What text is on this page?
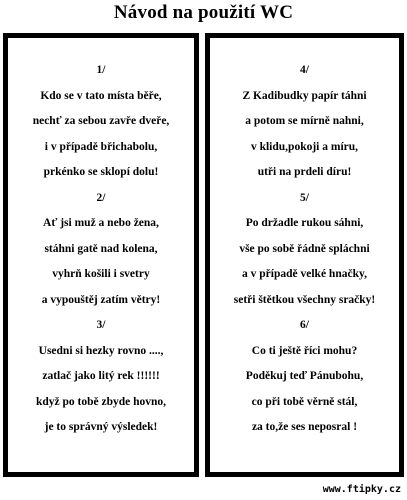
Návod na použití WC
1/
Kdo se v tato místa běře,
nechť za sebou zavře dveře,
i v případě břichabolu,
prkénko se sklopí dolu!
2/
Ať jsi muž a nebo žena,
stáhni gatě nad kolena,
vyhrň košili i svetry
a vypouštěj zatím větry!
3/
Usedni si hezky rovno ....,
zatlač jako litý rek !!!!!!
když po tobě zbyde hovno,
je to správný výsledek!
4/
Z Kadibudky papír táhni
a potom se mírně nahni,
v klidu,pokoji a míru,
utři na prdeli díru!
5/
Po držadle rukou sáhni,
vše po sobě řádně spláchni
a v případě velké hnačky,
setři štětkou všechny sračky!
6/
Co ti ještě říci mohu?
Poděkuj teď Pánubohu,
co při tobě věrně stál,
za to,že ses neposral !
www.ftipky.cz
